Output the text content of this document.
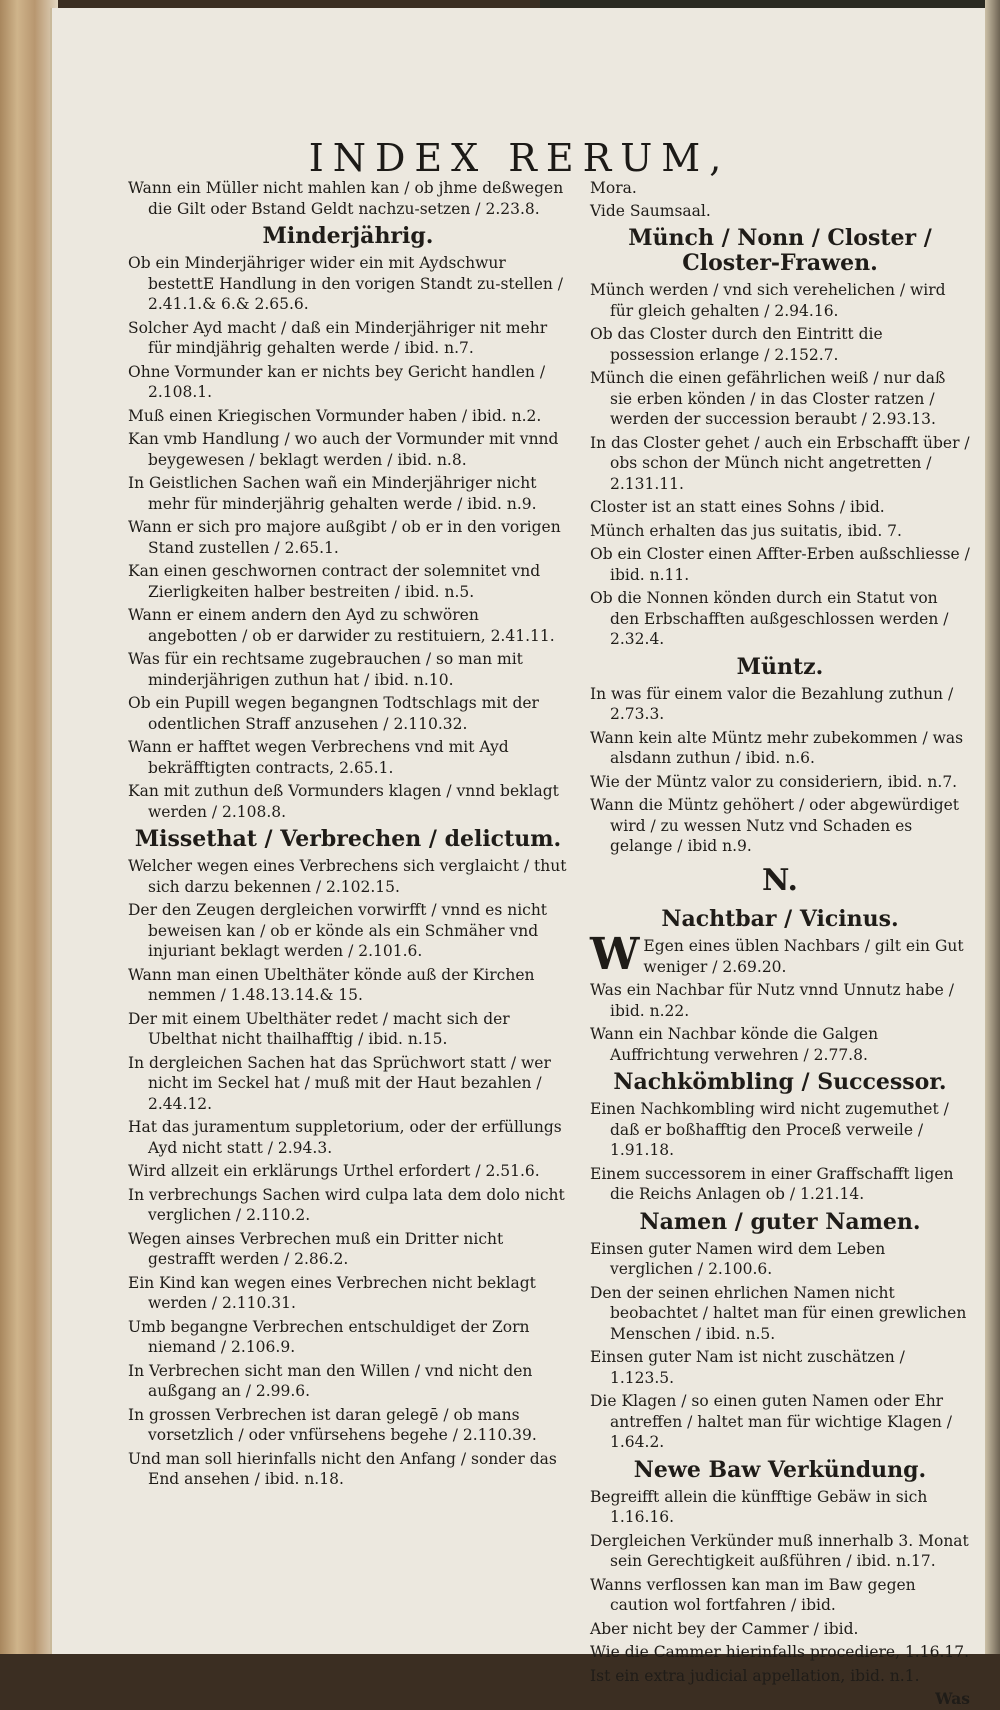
INDEX RERUM,
Wann ein Müller nicht mahlen kan / ob jhme deßwegen die Gilt oder Bstand Geldt nachzu-setzen / 2.23.8.
Minderjährig.
Ob ein Minderjähriger wider ein mit Aydschwur bestettE Handlung in den vorigen Standt zu-stellen / 2.41.1.& 6.& 2.65.6.
Solcher Ayd macht / daß ein Minderjähriger nit mehr für mindjährig gehalten werde / ibid. n.7.
Ohne Vormunder kan er nichts bey Gericht handlen / 2.108.1.
Muß einen Kriegischen Vormunder haben / ibid. n.2.
Kan vmb Handlung / wo auch der Vormunder mit vnnd beygewesen / beklagt werden / ibid. n.8.
In Geistlichen Sachen wañ ein Minderjähriger nicht mehr für minderjährig gehalten werde / ibid. n.9.
Wann er sich pro majore außgibt / ob er in den vorigen Stand zustellen / 2.65.1.
Kan einen geschwornen contract der solemnitet vnd Zierligkeiten halber bestreiten / ibid. n.5.
Wann er einem andern den Ayd zu schwören angebotten / ob er darwider zu restituiern, 2.41.11.
Was für ein rechtsame zugebrauchen / so man mit minderjährigen zuthun hat / ibid. n.10.
Ob ein Pupill wegen begangnen Todtschlags mit der odentlichen Straff anzusehen / 2.110.32.
Wann er hafftet wegen Verbrechens vnd mit Ayd bekräfftigten contracts, 2.65.1.
Kan mit zuthun deß Vormunders klagen / vnnd beklagt werden / 2.108.8.
Missethat / Verbrechen / delictum.
Welcher wegen eines Verbrechens sich verglaicht / thut sich darzu bekennen / 2.102.15.
Der den Zeugen dergleichen vorwirfft / vnnd es nicht beweisen kan / ob er könde als ein Schmäher vnd injuriant beklagt werden / 2.101.6.
Wann man einen Ubelthäter könde auß der Kirchen nemmen / 1.48.13.14.& 15.
Der mit einem Ubelthäter redet / macht sich der Ubelthat nicht thailhafftig / ibid. n.15.
In dergleichen Sachen hat das Sprüchwort statt / wer nicht im Seckel hat / muß mit der Haut bezahlen / 2.44.12.
Hat das juramentum suppletorium, oder der erfüllungs Ayd nicht statt / 2.94.3.
Wird allzeit ein erklärungs Urthel erfordert / 2.51.6.
In verbrechungs Sachen wird culpa lata dem dolo nicht verglichen / 2.110.2.
Wegen ainses Verbrechen muß ein Dritter nicht gestrafft werden / 2.86.2.
Ein Kind kan wegen eines Verbrechen nicht beklagt werden / 2.110.31.
Umb begangne Verbrechen entschuldiget der Zorn niemand / 2.106.9.
In Verbrechen sicht man den Willen / vnd nicht den außgang an / 2.99.6.
In grossen Verbrechen ist daran gelegē / ob mans vorsetzlich / oder vnfürsehens begehe / 2.110.39.
Und man soll hierinfalls nicht den Anfang / sonder das End ansehen / ibid. n.18.
Mora.
Vide Saumsaal.
Münch / Nonn / Closter / Closter-Frawen.
Münch werden / vnd sich verehelichen / wird für gleich gehalten / 2.94.16.
Ob das Closter durch den Eintritt die possession erlange / 2.152.7.
Münch die einen gefährlichen weiß / nur daß sie erben könden / in das Closter ratzen / werden der succession beraubt / 2.93.13.
In das Closter gehet / auch ein Erbschafft über / obs schon der Münch nicht angetretten / 2.131.11.
Closter ist an statt eines Sohns / ibid.
Münch erhalten das jus suitatis, ibid. 7.
Ob ein Closter einen Affter-Erben außschliesse / ibid. n.11.
Ob die Nonnen könden durch ein Statut von den Erbschafften außgeschlossen werden / 2.32.4.
Müntz.
In was für einem valor die Bezahlung zuthun / 2.73.3.
Wann kein alte Müntz mehr zubekommen / was alsdann zuthun / ibid. n.6.
Wie der Müntz valor zu consideriern, ibid. n.7.
Wann die Müntz gehöhert / oder abgewürdiget wird / zu wessen Nutz vnd Schaden es gelange / ibid n.9.
N.
Nachtbar / Vicinus.
W Egen eines üblen Nachbars / gilt ein Gut weniger / 2.69.20.
Was ein Nachbar für Nutz vnnd Unnutz habe / ibid. n.22.
Wann ein Nachbar könde die Galgen Auffrichtung verwehren / 2.77.8.
Nachkömbling / Successor.
Einen Nachkombling wird nicht zugemuthet / daß er boßhafftig den Proceß verweile / 1.91.18.
Einem successorem in einer Graffschafft ligen die Reichs Anlagen ob / 1.21.14.
Namen / guter Namen.
Einsen guter Namen wird dem Leben verglichen / 2.100.6.
Den der seinen ehrlichen Namen nicht beobachtet / haltet man für einen grewlichen Menschen / ibid. n.5.
Einsen guter Nam ist nicht zuschätzen / 1.123.5.
Die Klagen / so einen guten Namen oder Ehr antreffen / haltet man für wichtige Klagen / 1.64.2.
Newe Baw Verkündung.
Begreifft allein die künfftige Gebäw in sich 1.16.16.
Dergleichen Verkünder muß innerhalb 3. Monat sein Gerechtigkeit außführen / ibid. n.17.
Wanns verflossen kan man im Baw gegen caution wol fortfahren / ibid.
Aber nicht bey der Cammer / ibid.
Wie die Cammer hierinfalls procediere, 1.16.17.
Ist ein extra judicial appellation, ibid. n.1.
Was
